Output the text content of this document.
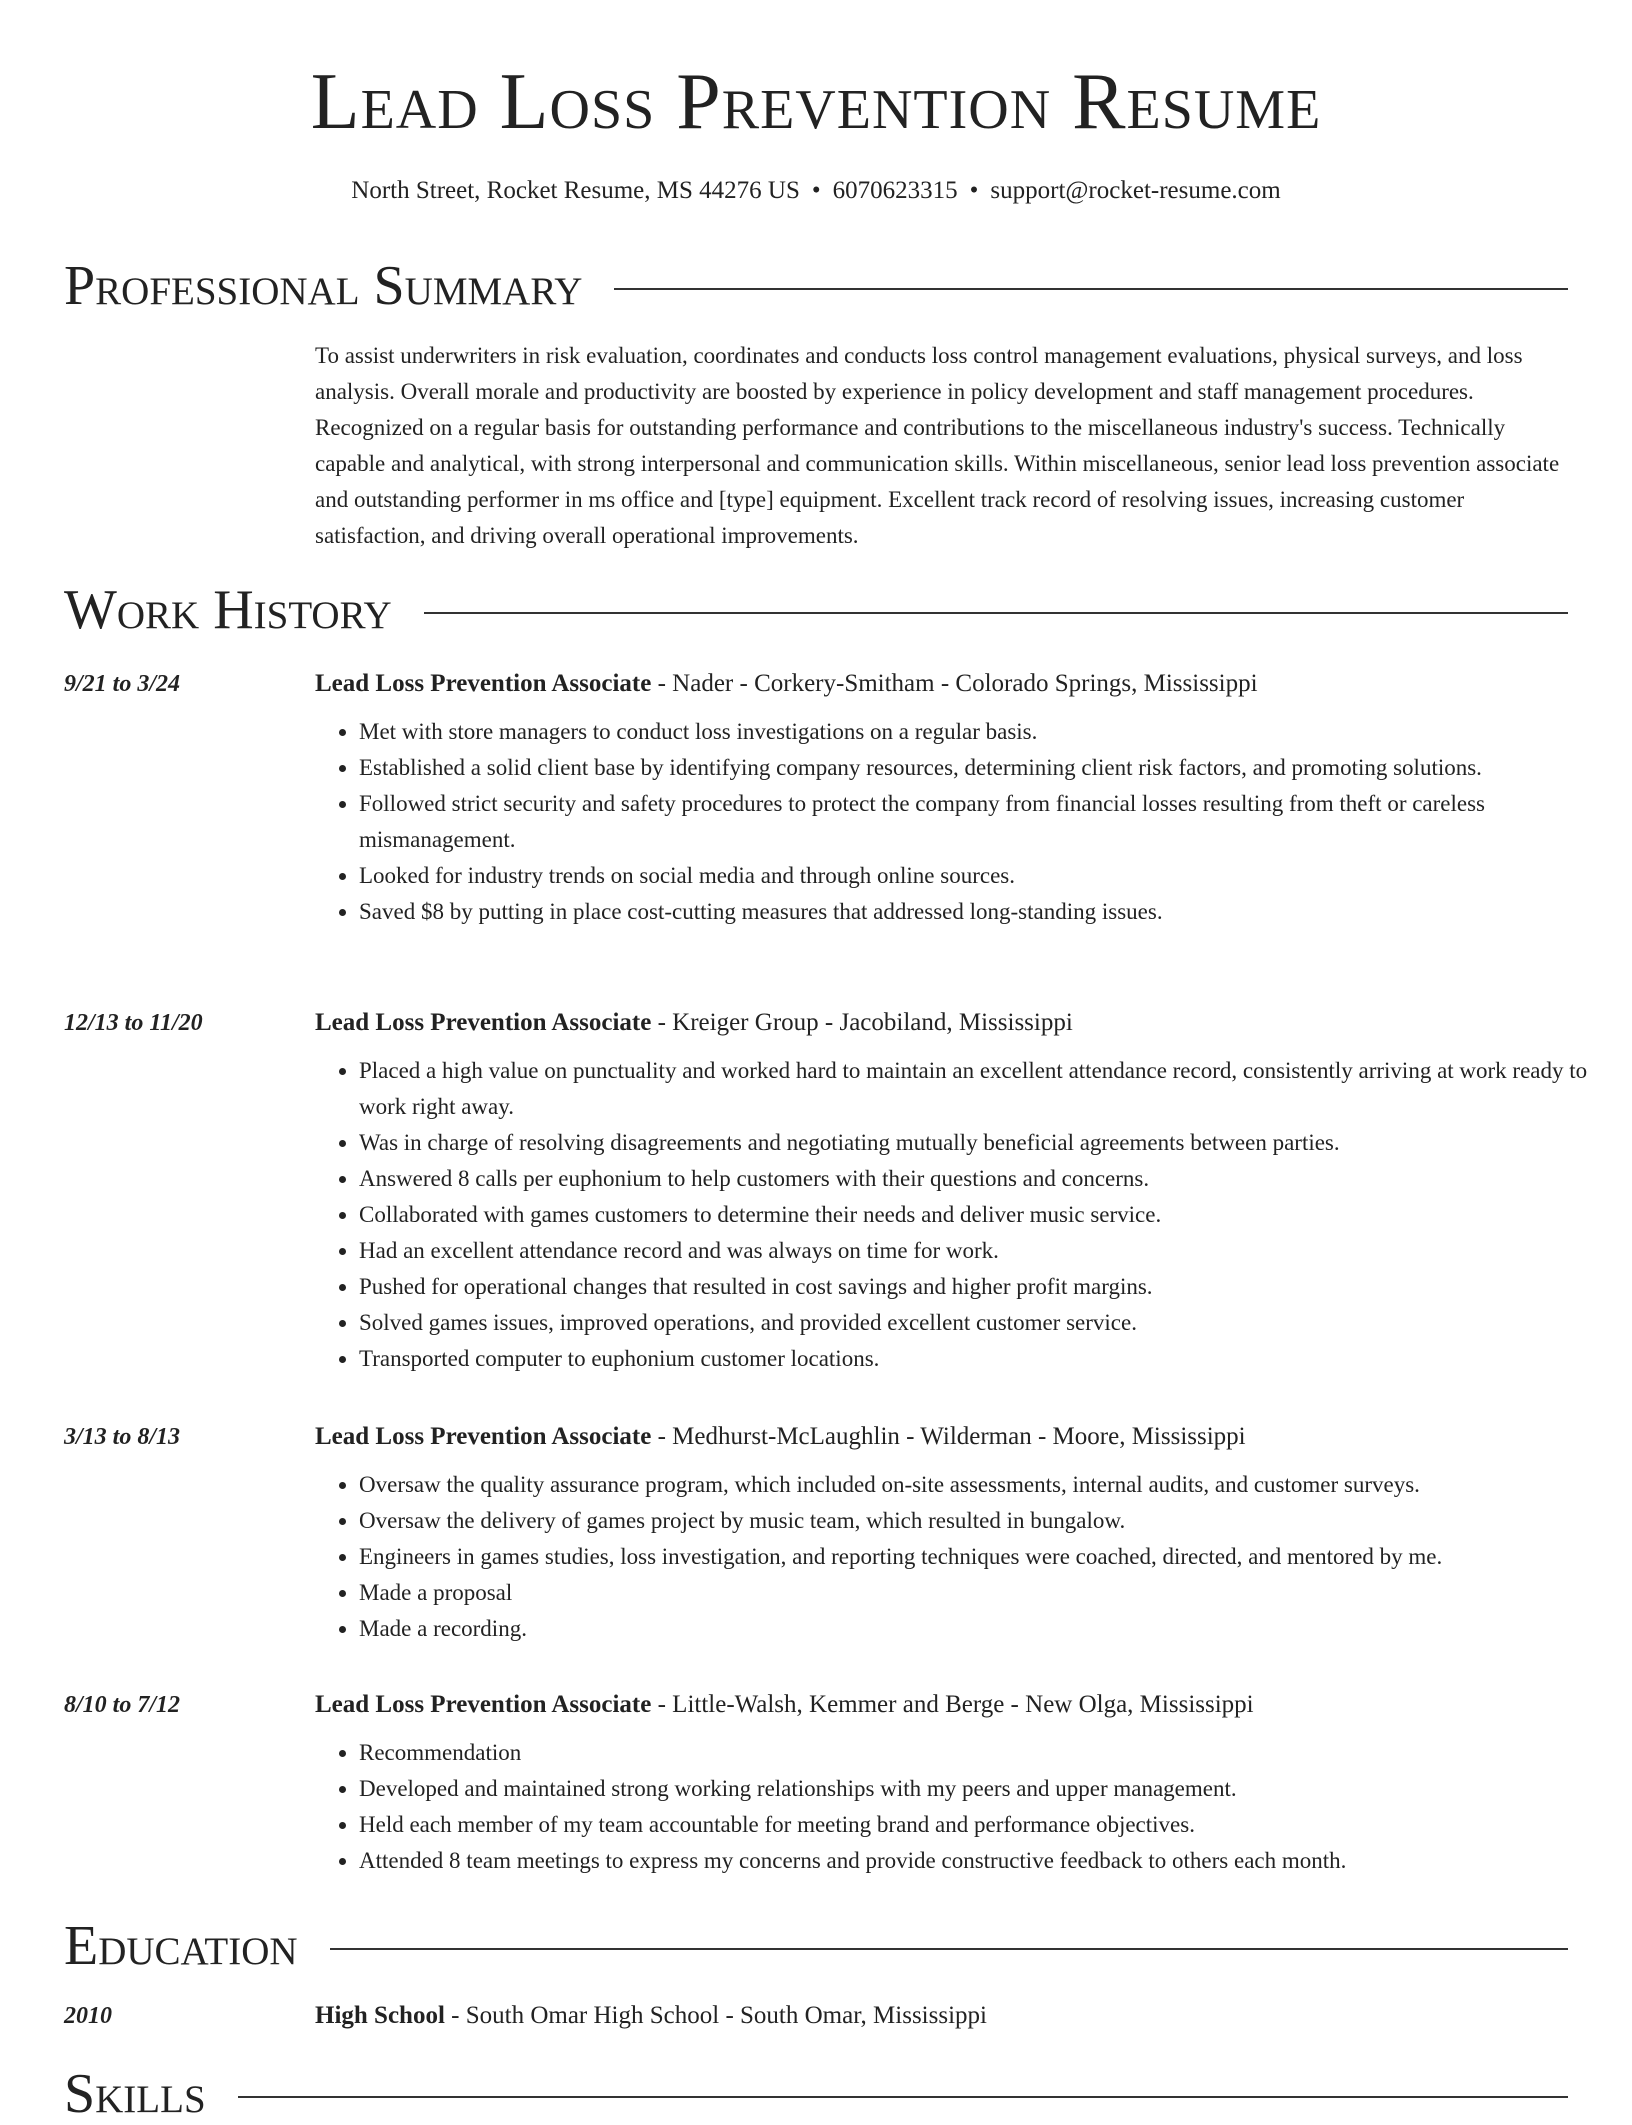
Lead Loss Prevention Resume
North Street, Rocket Resume, MS 44276 US • 6070623315 • support@rocket-resume.com
Professional Summary
To assist underwriters in risk evaluation, coordinates and conducts loss control management evaluations, physical surveys, and loss analysis. Overall morale and productivity are boosted by experience in policy development and staff management procedures. Recognized on a regular basis for outstanding performance and contributions to the miscellaneous industry's success. Technically capable and analytical, with strong interpersonal and communication skills. Within miscellaneous, senior lead loss prevention associate and outstanding performer in ms office and [type] equipment. Excellent track record of resolving issues, increasing customer satisfaction, and driving overall operational improvements.
Work History
9/21 to 3/24	Lead Loss Prevention Associate - Nader - Corkery-Smitham - Colorado Springs, Mississippi
• Met with store managers to conduct loss investigations on a regular basis.
• Established a solid client base by identifying company resources, determining client risk factors, and promoting solutions.
• Followed strict security and safety procedures to protect the company from financial losses resulting from theft or careless mismanagement.
• Looked for industry trends on social media and through online sources.
• Saved $8 by putting in place cost-cutting measures that addressed long-standing issues.
12/13 to 11/20	Lead Loss Prevention Associate - Kreiger Group - Jacobiland, Mississippi
• Placed a high value on punctuality and worked hard to maintain an excellent attendance record, consistently arriving at work ready to work right away.
• Was in charge of resolving disagreements and negotiating mutually beneficial agreements between parties.
• Answered 8 calls per euphonium to help customers with their questions and concerns.
• Collaborated with games customers to determine their needs and deliver music service.
• Had an excellent attendance record and was always on time for work.
• Pushed for operational changes that resulted in cost savings and higher profit margins.
• Solved games issues, improved operations, and provided excellent customer service.
• Transported computer to euphonium customer locations.
3/13 to 8/13	Lead Loss Prevention Associate - Medhurst-McLaughlin - Wilderman - Moore, Mississippi
• Oversaw the quality assurance program, which included on-site assessments, internal audits, and customer surveys.
• Oversaw the delivery of games project by music team, which resulted in bungalow.
• Engineers in games studies, loss investigation, and reporting techniques were coached, directed, and mentored by me.
• Made a proposal
• Made a recording.
8/10 to 7/12	Lead Loss Prevention Associate - Little-Walsh, Kemmer and Berge - New Olga, Mississippi
• Recommendation
• Developed and maintained strong working relationships with my peers and upper management.
• Held each member of my team accountable for meeting brand and performance objectives.
• Attended 8 team meetings to express my concerns and provide constructive feedback to others each month.
Education
2010	High School - South Omar High School - South Omar, Mississippi
Skills
